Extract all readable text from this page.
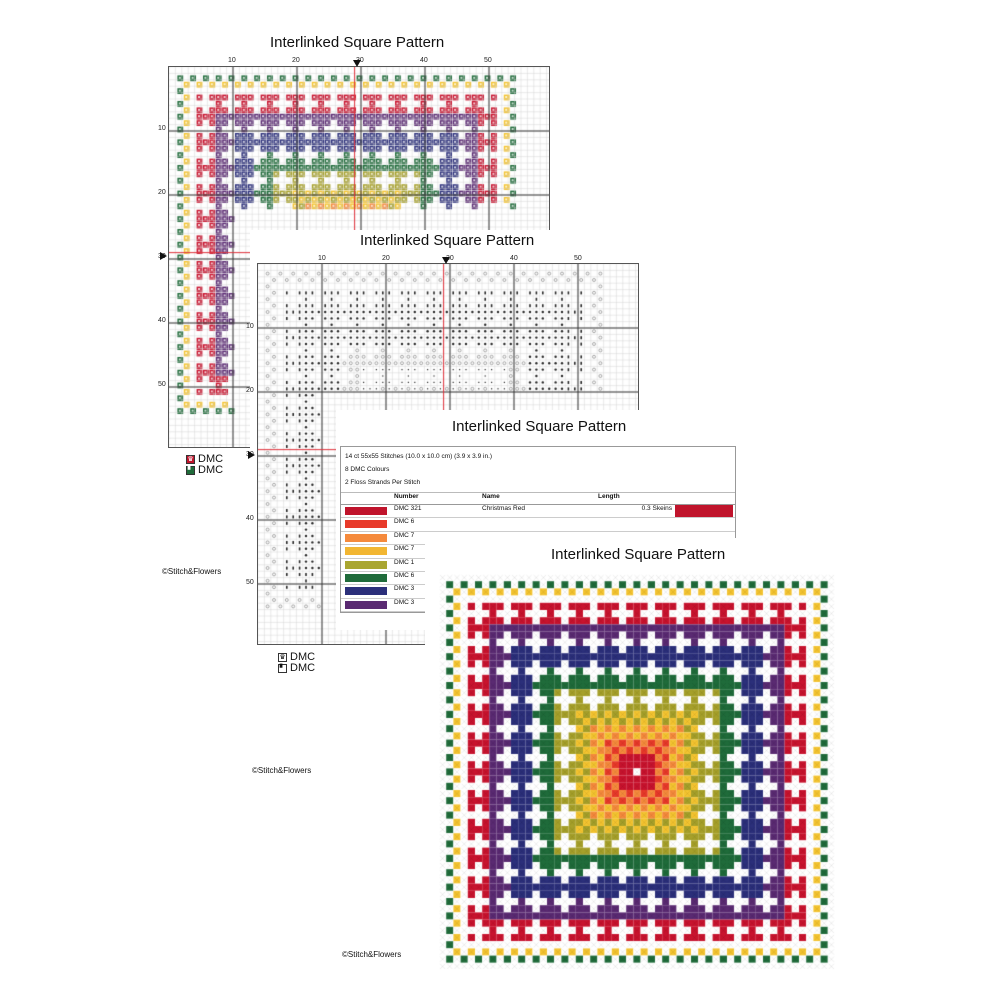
Interlinked Square Pattern
10	20	30	40	50
10
20
30
40
50
♛ DMC
▘ DMC
©Stitch&Flowers
Interlinked Square Pattern
10	20	30	40	50
10
20
30
40
50
♛ DMC
▘ DMC
©Stitch&Flowers
Interlinked Square Pattern
14 ct 55x55 Stitches (10.0 x 10.0 cm) (3.9 x 3.9 in.)
8 DMC Colours
2 Floss Strands Per Stitch
Number	Name	Length
DMC 321	Christmas Red	0.3 Skeins
DMC 6
DMC 7
DMC 7
DMC 1
DMC 6
DMC 3
DMC 3
Interlinked Square Pattern
©Stitch&Flowers
